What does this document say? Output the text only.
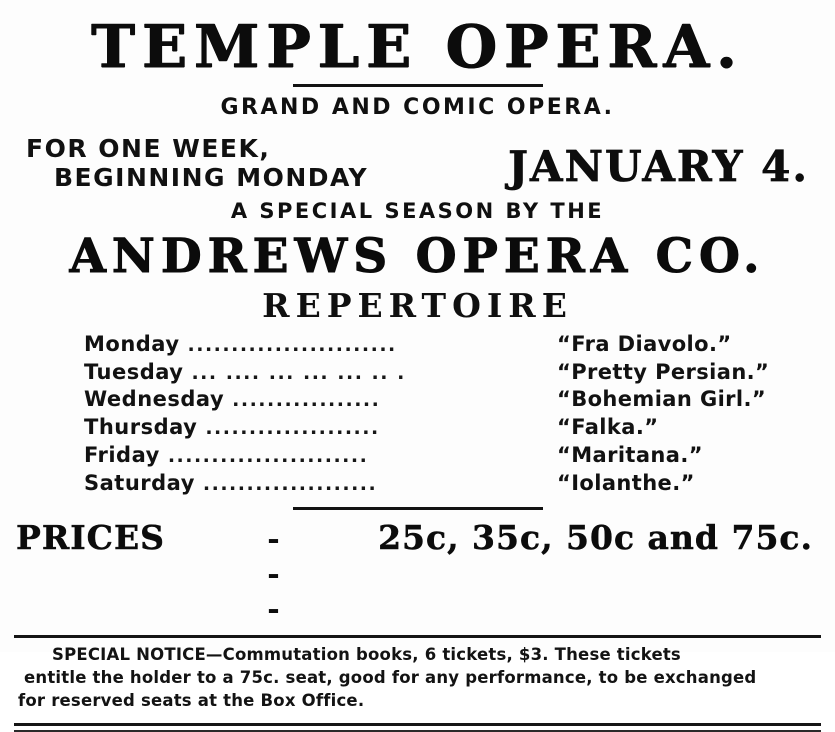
TEMPLE OPERA.
GRAND AND COMIC OPERA.
FOR ONE WEEK,
BEGINNING MONDAY	JANUARY 4.
A SPECIAL SEASON BY THE
ANDREWS OPERA CO.
REPERTOIRE
Monday ........................	“Fra Diavolo.”
Tuesday ... .... ... ... ... .. .	“Pretty Persian.”
Wednesday .................	“Bohemian Girl.”
Thursday ....................	“Falka.”
Friday .......................	“Maritana.”
Saturday ....................	“Iolanthe.”
PRICES	- - -
25c, 35c, 50c and 75c.
SPECIAL NOTICE—Commutation books, 6 tickets, $3. These tickets
entitle the holder to a 75c. seat, good for any performance, to be exchanged
for reserved seats at the Box Office.
